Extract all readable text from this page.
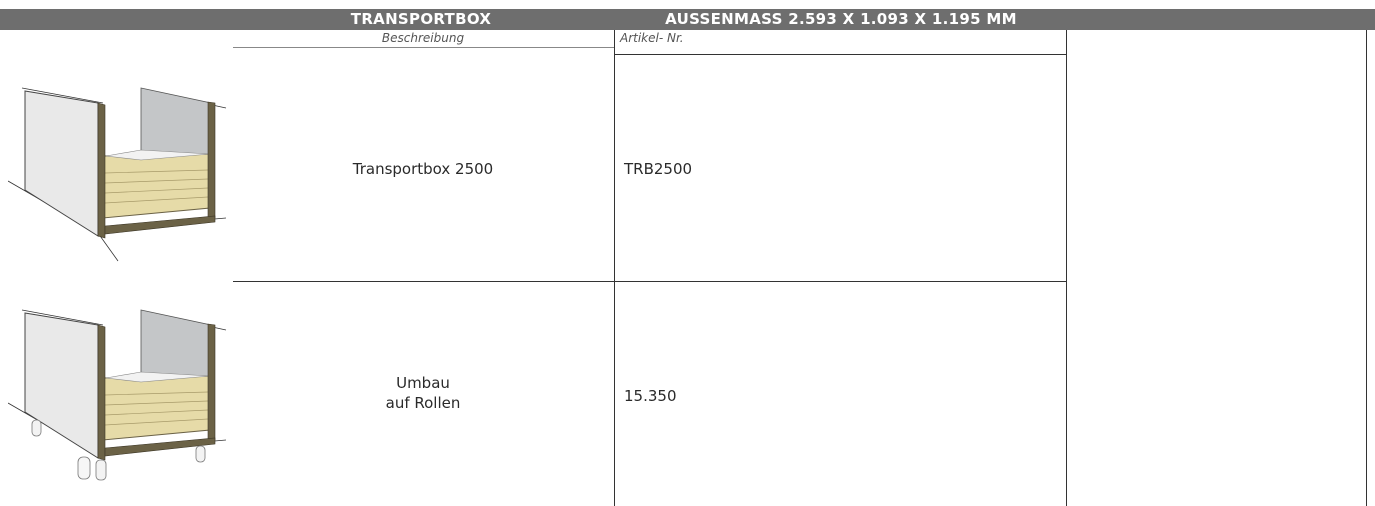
TRANSPORTBOX	AUSSENMASS 2.593 X 1.093 X 1.195 MM
Beschreibung	Artikel- Nr.
Transportbox 2500	TRB2500
Umbau
auf Rollen	15.350
